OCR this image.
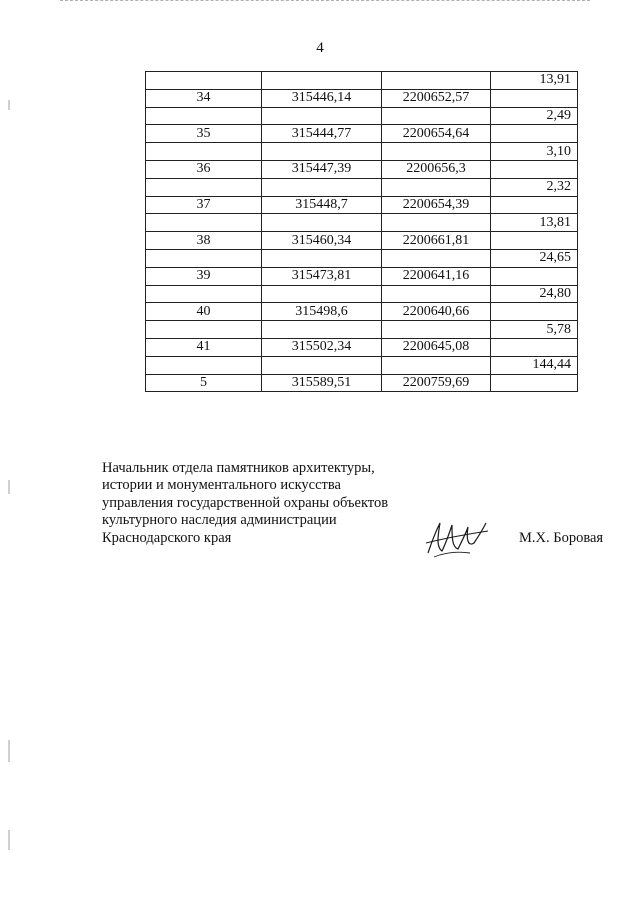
4
			13,91
34	315446,14	2200652,57	
			2,49
35	315444,77	2200654,64	
			3,10
36	315447,39	2200656,3	
			2,32
37	315448,7	2200654,39	
			13,81
38	315460,34	2200661,81	
			24,65
39	315473,81	2200641,16	
			24,80
40	315498,6	2200640,66	
			5,78
41	315502,34	2200645,08	
			144,44
5	315589,51	2200759,69	
Начальник отдела памятников архитектуры,
истории и монументального искусства
управления государственной охраны объектов
культурного наследия администрации
Краснодарского края	М.Х. Боровая
